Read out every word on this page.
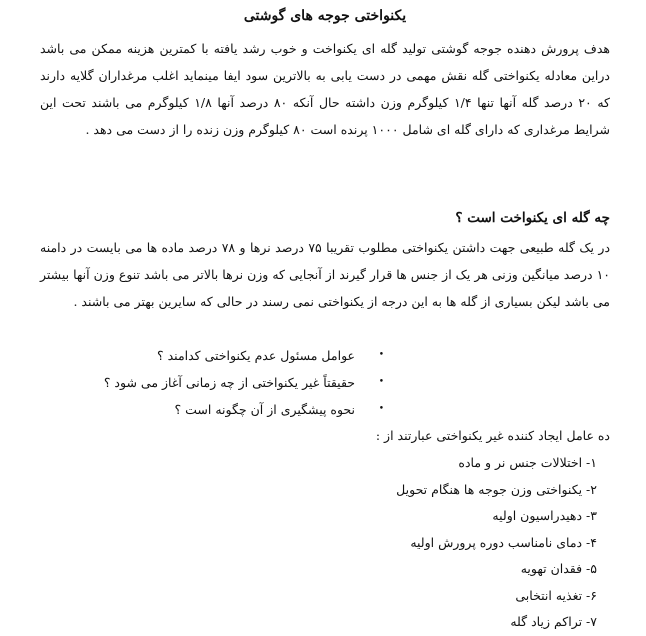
یکنواختی جوجه های گوشتی

هدف پرورش دهنده جوجه گوشتی تولید گله ای یکنواخت و خوب رشد یافته با کمترین هزینه ممکن می باشد دراین معادله یکنواختی گله نقش مهمی در دست یابی به بالاترین سود ایفا مینماید اغلب مرغداران گلایه دارند که ۲۰ درصد گله آنها تنها ۱/۴ کیلوگرم وزن داشته حال آنکه ۸۰ درصد آنها ۱/۸ کیلوگرم می باشند تحت این شرایط مرغداری که دارای گله ای شامل ۱۰۰۰ پرنده است ۸۰ کیلوگرم وزن زنده را از دست می دهد .

چه گله ای یکنواخت است ؟

در یک گله طبیعی جهت داشتن یکنواختی مطلوب تقریبا ۷۵ درصد نرها و ۷۸ درصد ماده ها می بایست در دامنه ۱۰ درصد میانگین وزنی هر یک از جنس ها قرار گیرند از آنجایی که وزن نرها بالاتر می باشد تنوع وزن آنها بیشتر می باشد لیکن بسیاری از گله ها به این درجه از یکنواختی نمی رسند در حالی که سایرین بهتر می باشند .

•
عوامل مسئول عدم یکنواختی کدامند ؟
•
حقیقتاً غیر یکنواختی از چه زمانی آغاز می شود ؟
•
نحوه پیشگیری از آن چگونه است ؟

ده عامل ایجاد کننده غیر یکنواختی عبارتند از :

۱- اختلالات جنس نر و ماده
۲- یکنواختی وزن جوجه ها هنگام تحویل
۳- دهیدراسیون اولیه
۴- دمای نامناسب دوره پرورش اولیه
۵- فقدان تهویه
۶- تغذیه انتخابی
۷- تراکم زیاد گله
